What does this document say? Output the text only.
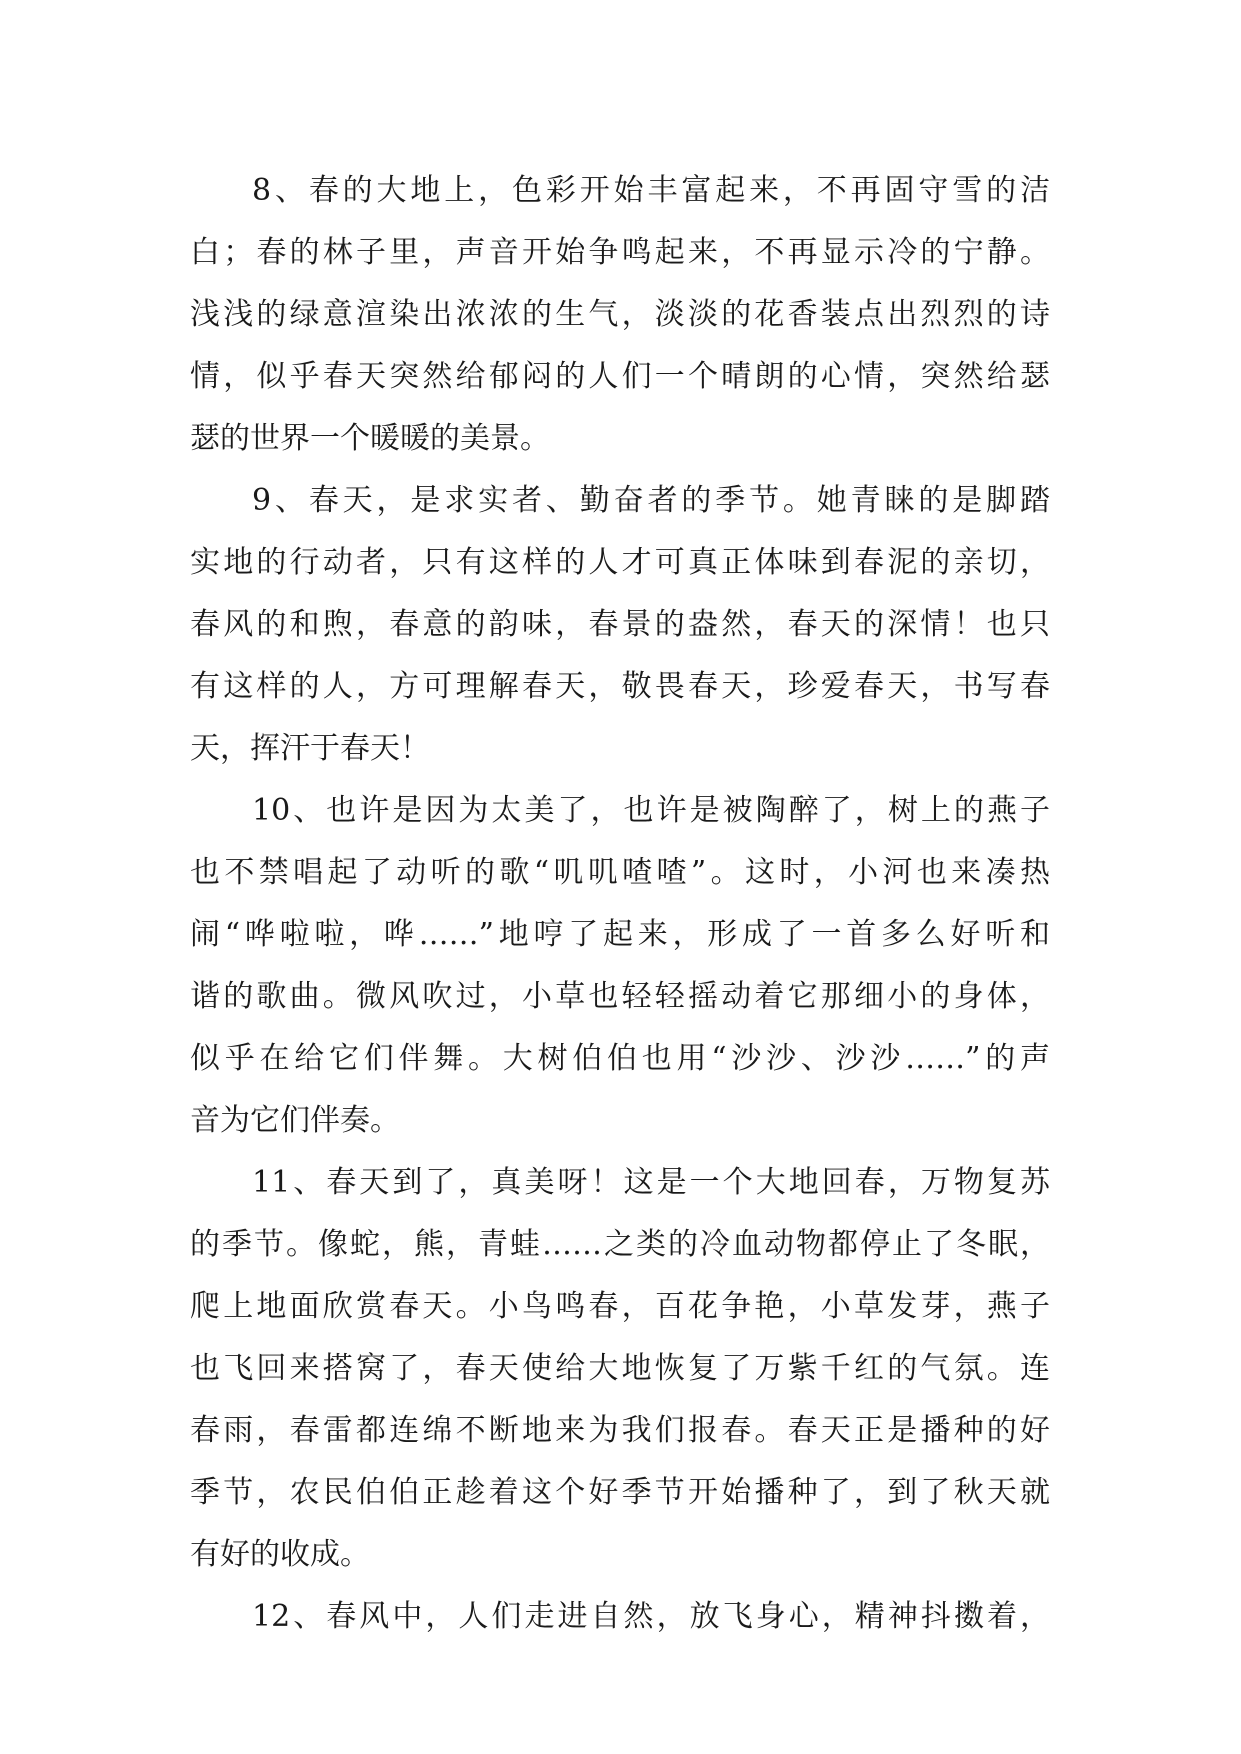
8、春的大地上，色彩开始丰富起来，不再固守雪的洁
白；春的林子里，声音开始争鸣起来，不再显示冷的宁静。
浅浅的绿意渲染出浓浓的生气，淡淡的花香装点出烈烈的诗
情，似乎春天突然给郁闷的人们一个晴朗的心情，突然给瑟
瑟的世界一个暖暖的美景。
9、春天，是求实者、勤奋者的季节。她青睐的是脚踏
实地的行动者，只有这样的人才可真正体味到春泥的亲切，
春风的和煦，春意的韵味，春景的盎然，春天的深情！也只
有这样的人，方可理解春天，敬畏春天，珍爱春天，书写春
天，挥汗于春天！
10、也许是因为太美了，也许是被陶醉了，树上的燕子
也不禁唱起了动听的歌“叽叽喳喳”。这时，小河也来凑热
闹“哗啦啦，哗……”地哼了起来，形成了一首多么好听和
谐的歌曲。微风吹过，小草也轻轻摇动着它那细小的身体，
似乎在给它们伴舞。大树伯伯也用“沙沙、沙沙……”的声
音为它们伴奏。
11、春天到了，真美呀！这是一个大地回春，万物复苏
的季节。像蛇，熊，青蛙……之类的冷血动物都停止了冬眠，
爬上地面欣赏春天。小鸟鸣春，百花争艳，小草发芽，燕子
也飞回来搭窝了，春天使给大地恢复了万紫千红的气氛。连
春雨，春雷都连绵不断地来为我们报春。春天正是播种的好
季节，农民伯伯正趁着这个好季节开始播种了，到了秋天就
有好的收成。
12、春风中，人们走进自然，放飞身心，精神抖擞着，
